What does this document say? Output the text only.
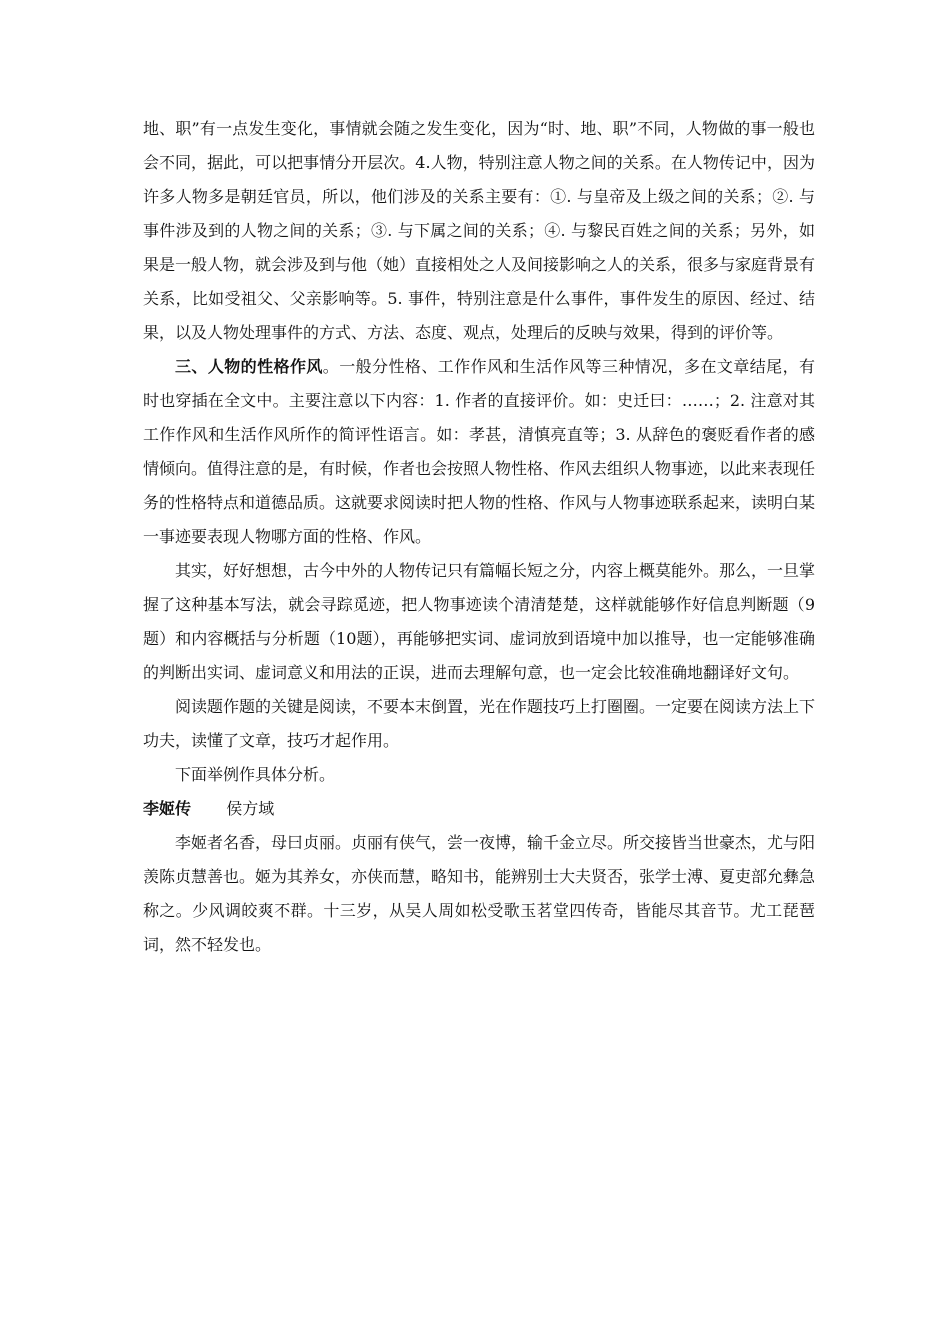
地、职”有一点发生变化，事情就会随之发生变化，因为“时、地、职”不同，人物做的事一般也会不同，据此，可以把事情分开层次。4.人物，特别注意人物之间的关系。在人物传记中，因为许多人物多是朝廷官员，所以，他们涉及的关系主要有：①. 与皇帝及上级之间的关系；②. 与事件涉及到的人物之间的关系；③. 与下属之间的关系；④. 与黎民百姓之间的关系；另外，如果是一般人物，就会涉及到与他（她）直接相处之人及间接影响之人的关系，很多与家庭背景有关系，比如受祖父、父亲影响等。5. 事件，特别注意是什么事件，事件发生的原因、经过、结果，以及人物处理事件的方式、方法、态度、观点，处理后的反映与效果，得到的评价等。

三、人物的性格作风。一般分性格、工作作风和生活作风等三种情况，多在文章结尾，有时也穿插在全文中。主要注意以下内容：1. 作者的直接评价。如：史迁曰：……；2. 注意对其工作作风和生活作风所作的简评性语言。如：孝甚，清慎亮直等；3. 从辞色的褒贬看作者的感情倾向。值得注意的是，有时候，作者也会按照人物性格、作风去组织人物事迹，以此来表现任务的性格特点和道德品质。这就要求阅读时把人物的性格、作风与人物事迹联系起来，读明白某一事迹要表现人物哪方面的性格、作风。

其实，好好想想，古今中外的人物传记只有篇幅长短之分，内容上概莫能外。那么，一旦掌握了这种基本写法，就会寻踪觅迹，把人物事迹读个清清楚楚，这样就能够作好信息判断题（9题）和内容概括与分析题（10题），再能够把实词、虚词放到语境中加以推导，也一定能够准确的判断出实词、虚词意义和用法的正误，进而去理解句意，也一定会比较准确地翻译好文句。

阅读题作题的关键是阅读，不要本末倒置，光在作题技巧上打圈圈。一定要在阅读方法上下功夫，读懂了文章，技巧才起作用。

下面举例作具体分析。

李姬传 侯方域

李姬者名香，母曰贞丽。贞丽有侠气，尝一夜博，输千金立尽。所交接皆当世豪杰，尤与阳羡陈贞慧善也。姬为其养女，亦侠而慧，略知书，能辨别士大夫贤否，张学士溥、夏吏部允彝急称之。少风调皎爽不群。十三岁，从吴人周如松受歌玉茗堂四传奇，皆能尽其音节。尤工琵琶词，然不轻发也。
